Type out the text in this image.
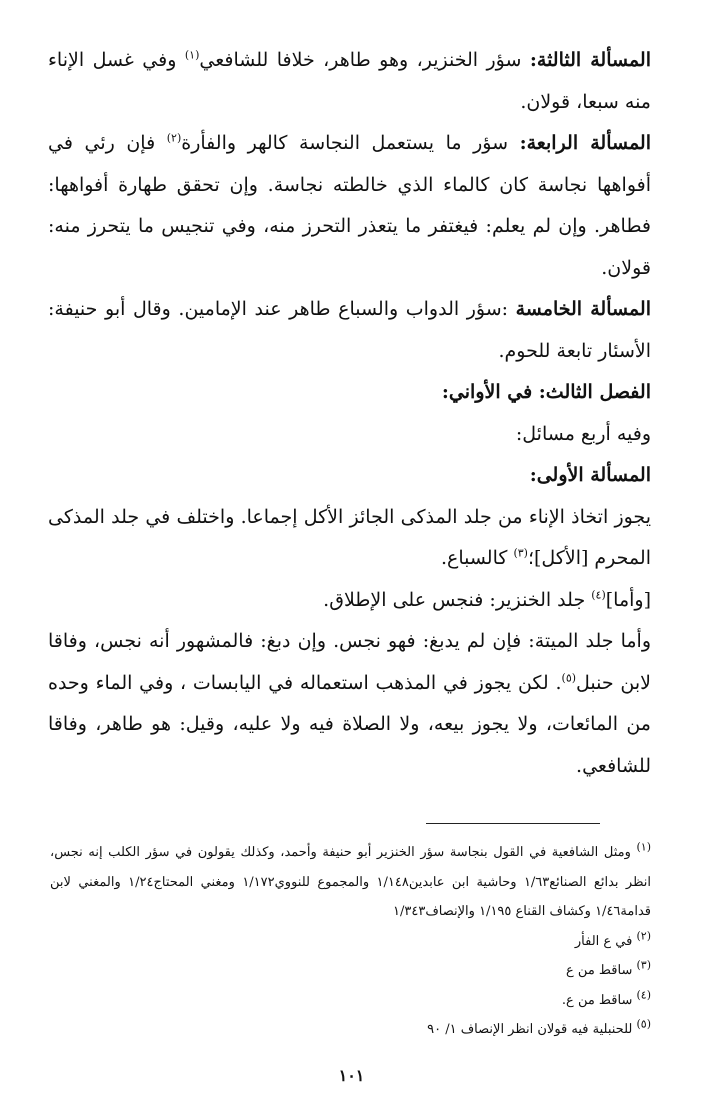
المسألة الثالثة: سؤر الخنزير، وهو طاهر، خلافا للشافعي$^{(١)}$ وفي غسل الإناء منه سبعا، قولان.

المسألة الرابعة: سؤر ما يستعمل النجاسة كالهر والفأرة$^{(٢)}$ فإن رئي في أفواهها نجاسة كان كالماء الذي خالطته نجاسة. وإن تحقق طهارة أفواهها: فطاهر. وإن لم يعلم: فيغتفر ما يتعذر التحرز منه، وفي تنجيس ما يتحرز منه: قولان.

المسألة الخامسة :سؤر الدواب والسباع طاهر عند الإمامين. وقال أبو حنيفة: الأسئار تابعة للحوم.

الفصل الثالث: في الأواني:

وفيه أربع مسائل:

المسألة الأولى:

يجوز اتخاذ الإناء من جلد المذكى الجائز الأكل إجماعا. واختلف في جلد المذكى المحرم [الأكل]؛$^{(٣)}$ كالسباع.

[وأما]$^{(٤)}$ جلد الخنزير: فنجس على الإطلاق.

وأما جلد الميتة: فإن لم يدبغ: فهو نجس. وإن دبغ: فالمشهور أنه نجس، وفاقا لابن حنبل$^{(٥)}$. لكن يجوز في المذهب استعماله في اليابسات ، وفي الماء وحده من المائعات، ولا يجوز بيعه، ولا الصلاة فيه ولا عليه، وقيل: هو طاهر، وفاقا للشافعي.

$^{(١)}$ ومثل الشافعية في القول بنجاسة سؤر الخنزير أبو حنيفة وأحمد، وكذلك يقولون في سؤر الكلب إنه نجس، انظر بدائع الصنائع١/٦٣ وحاشية ابن عابدين١/١٤٨ والمجموع للنووي١/١٧٢ ومغني المحتاج١/٢٤ والمغني لابن قدامة١/٤٦ وكشاف القناع ١/١٩٥ والإنصاف١/٣٤٣

$^{(٢)}$ في ع الفأر

$^{(٣)}$ ساقط من ع

$^{(٤)}$ ساقط من ع.

$^{(٥)}$ للحنبلية فيه قولان انظر الإنصاف ١/ ٩٠

١٠١
